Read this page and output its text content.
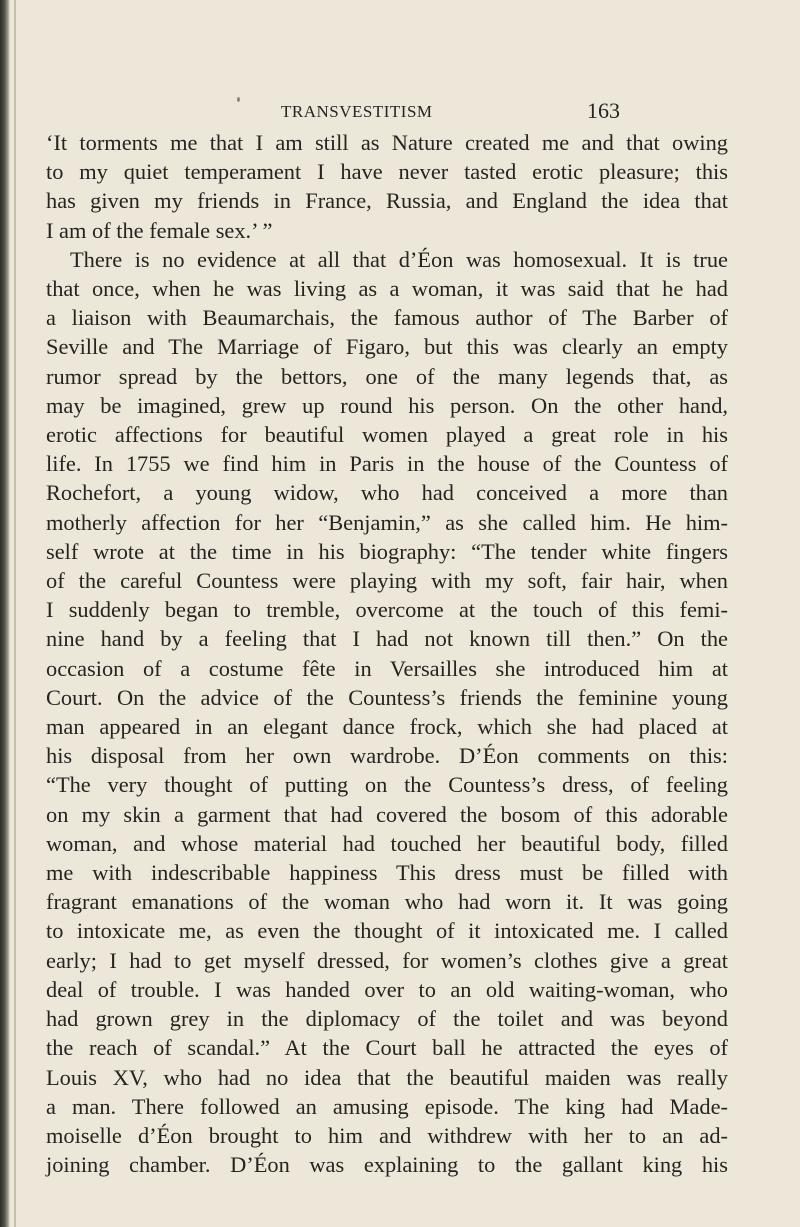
TRANSVESTITISM	163
‘It torments me that I am still as Nature created me and that owing
to my quiet temperament I have never tasted erotic pleasure; this
has given my friends in France, Russia, and England the idea that
I am of the female sex.’ ”
There is no evidence at all that d’Éon was homosexual. It is true
that once, when he was living as a woman, it was said that he had
a liaison with Beaumarchais, the famous author of The Barber of
Seville and The Marriage of Figaro, but this was clearly an empty
rumor spread by the bettors, one of the many legends that, as
may be imagined, grew up round his person. On the other hand,
erotic affections for beautiful women played a great role in his
life. In 1755 we find him in Paris in the house of the Countess of
Rochefort, a young widow, who had conceived a more than
motherly affection for her “Benjamin,” as she called him. He him-
self wrote at the time in his biography: “The tender white fingers
of the careful Countess were playing with my soft, fair hair, when
I suddenly began to tremble, overcome at the touch of this femi-
nine hand by a feeling that I had not known till then.” On the
occasion of a costume fête in Versailles she introduced him at
Court. On the advice of the Countess’s friends the feminine young
man appeared in an elegant dance frock, which she had placed at
his disposal from her own wardrobe. D’Éon comments on this:
“The very thought of putting on the Countess’s dress, of feeling
on my skin a garment that had covered the bosom of this adorable
woman, and whose material had touched her beautiful body, filled
me with indescribable happiness This dress must be filled with
fragrant emanations of the woman who had worn it. It was going
to intoxicate me, as even the thought of it intoxicated me. I called
early; I had to get myself dressed, for women’s clothes give a great
deal of trouble. I was handed over to an old waiting-woman, who
had grown grey in the diplomacy of the toilet and was beyond
the reach of scandal.” At the Court ball he attracted the eyes of
Louis XV, who had no idea that the beautiful maiden was really
a man. There followed an amusing episode. The king had Made-
moiselle d’Éon brought to him and withdrew with her to an ad-
joining chamber. D’Éon was explaining to the gallant king his
